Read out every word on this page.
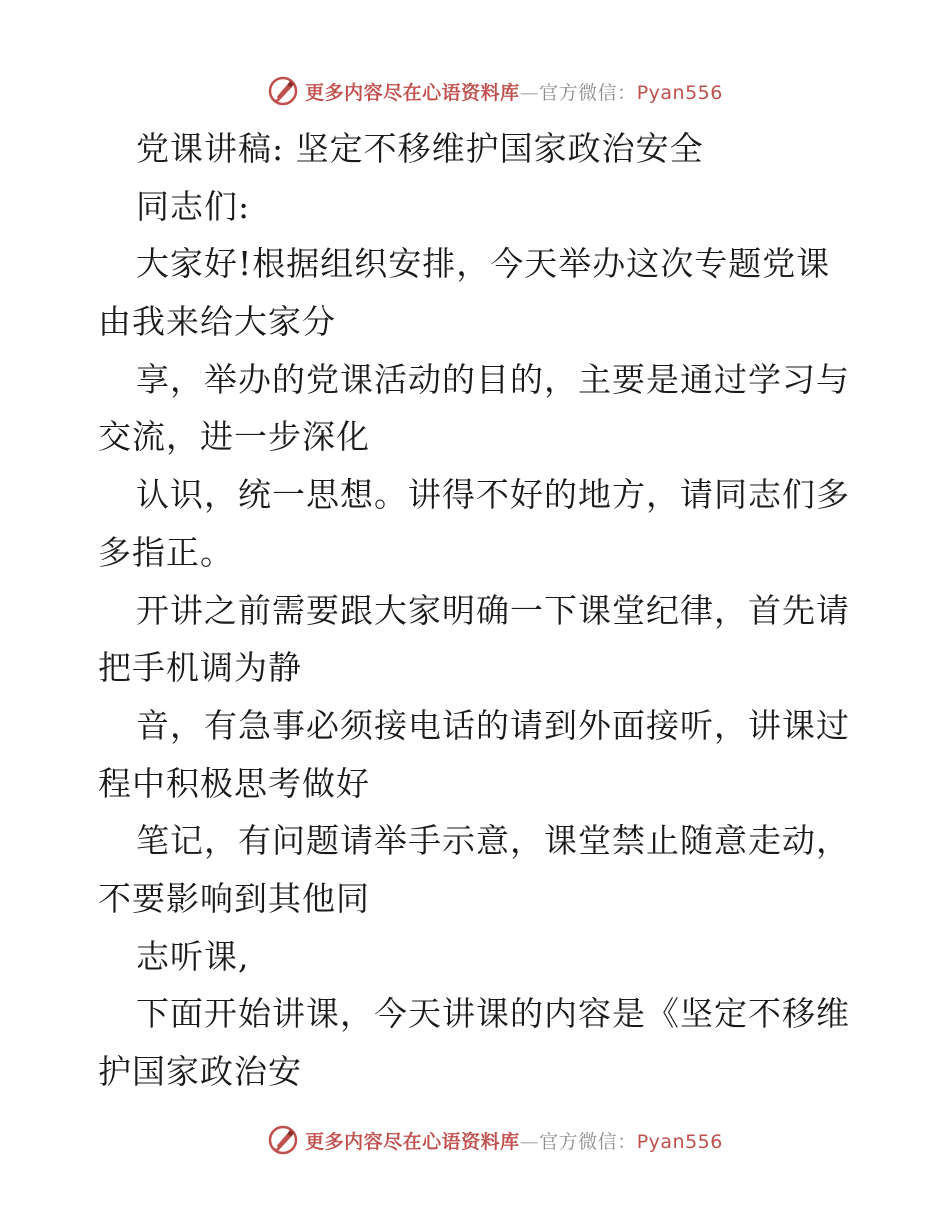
更多内容尽在心语资料库—官方微信：Pyan556
党课讲稿: 坚定不移维护国家政治安全
同志们:
大家好!根据组织安排，今天举办这次专题党课
由我来给大家分
享，举办的党课活动的目的，主要是通过学习与
交流，进一步深化
认识，统一思想。讲得不好的地方，请同志们多
多指正。
开讲之前需要跟大家明确一下课堂纪律，首先请
把手机调为静
音，有急事必须接电话的请到外面接听，讲课过
程中积极思考做好
笔记，有问题请举手示意，课堂禁止随意走动，
不要影响到其他同
志听课,
下面开始讲课，今天讲课的内容是《坚定不移维
护国家政治安
更多内容尽在心语资料库—官方微信：Pyan556
